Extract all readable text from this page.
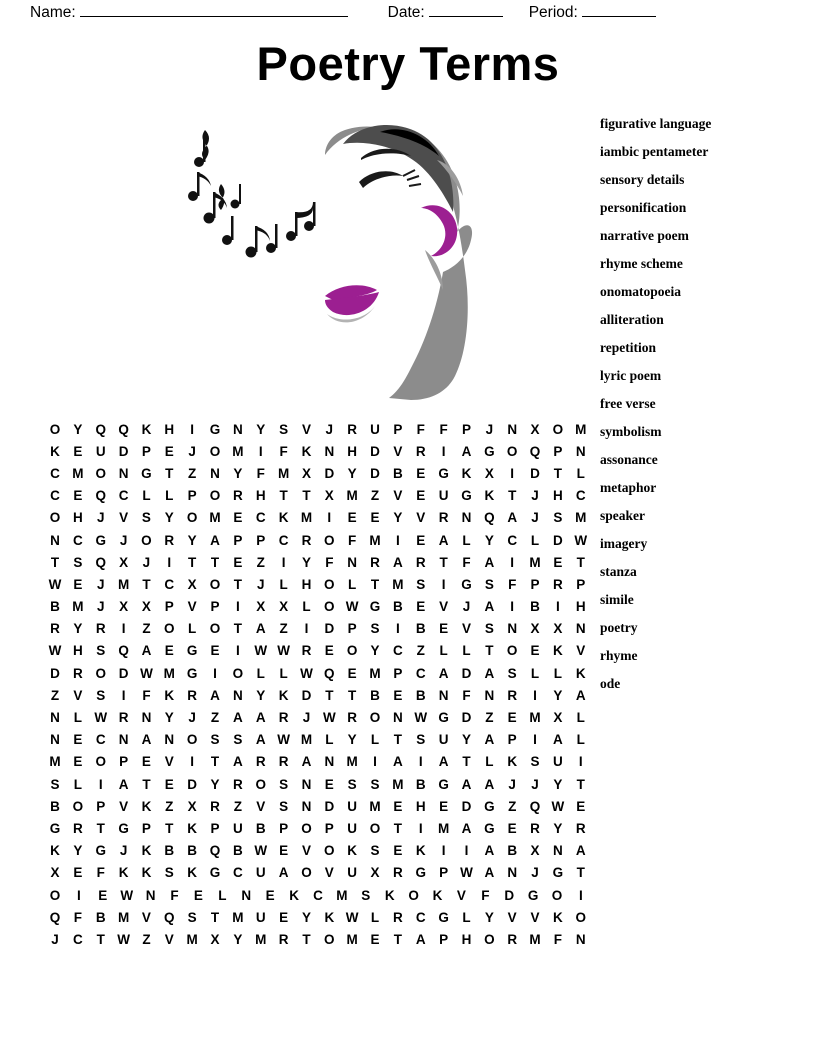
Name:	Date:	Period:
Poetry Terms
figurative language
iambic pentameter
sensory details
personification
narrative poem
rhyme scheme
onomatopoeia
alliteration
repetition
lyric poem
free verse
symbolism
assonance
metaphor
speaker
imagery
stanza
simile
poetry
rhyme
ode
O Y Q Q K H	I	G N Y S V J R U P F F P J N X O M
K E U D P E J O M	I	F K N H D V R	I	A G O Q P N
C M O N G T Z N Y F M X D Y D B E G K X	I	D T L
C E Q C L L P O R H T T X M Z V E U G K T J H C
O H J V S Y O M E C K M	I	E E Y V R N Q A J S M
N C G J O R Y A P P C R O F M	I	E A L Y C L D W
T S Q X J	I	T T E Z	I	Y F N R A R T F A	I	M E T
W E J M T C X O T J L H O L T M S	I	G S F P R P
B M J X X P V P	I	X X L O W G B E V J A	I	B	I	H
R Y R	I	Z O L O T A Z	I	D P S	I	B E V S N X X N
W H S Q A E G E	I	W W R E O Y C Z L L T O E K V
D R O D W M G	I	O L L W Q E M P C A D A S L L K
Z V S	I	F K R A N Y K D T T B E B N F N R	I	Y A
N L W R N Y J Z A A R J W R O N W G D Z E M X L
N E C N A N O S S A W M L Y L T S U Y A P	I	A L
M E O P E V	I	T A R R A N M	I	A	I	A T L K S U	I
S L	I	A T E D Y R O S N E S S M B G A A J J Y T
B O P V K Z X R Z V S N D U M E H E D G Z Q W E
G R T G P T K P U B P O P U O T	I	M A G E R Y R
K Y G J K B B Q B W E V O K S E K	I	I	A B X N A
X E F K K S K G C U A O V U X R G P W A N J G T
O	I	E W N F E L N E K C M S K O K V F D G O	I
Q F B M V Q S T M U E Y K W L R C G L Y V V K O
J C T W Z V M X Y M R T O M E T A P H O R M F N
